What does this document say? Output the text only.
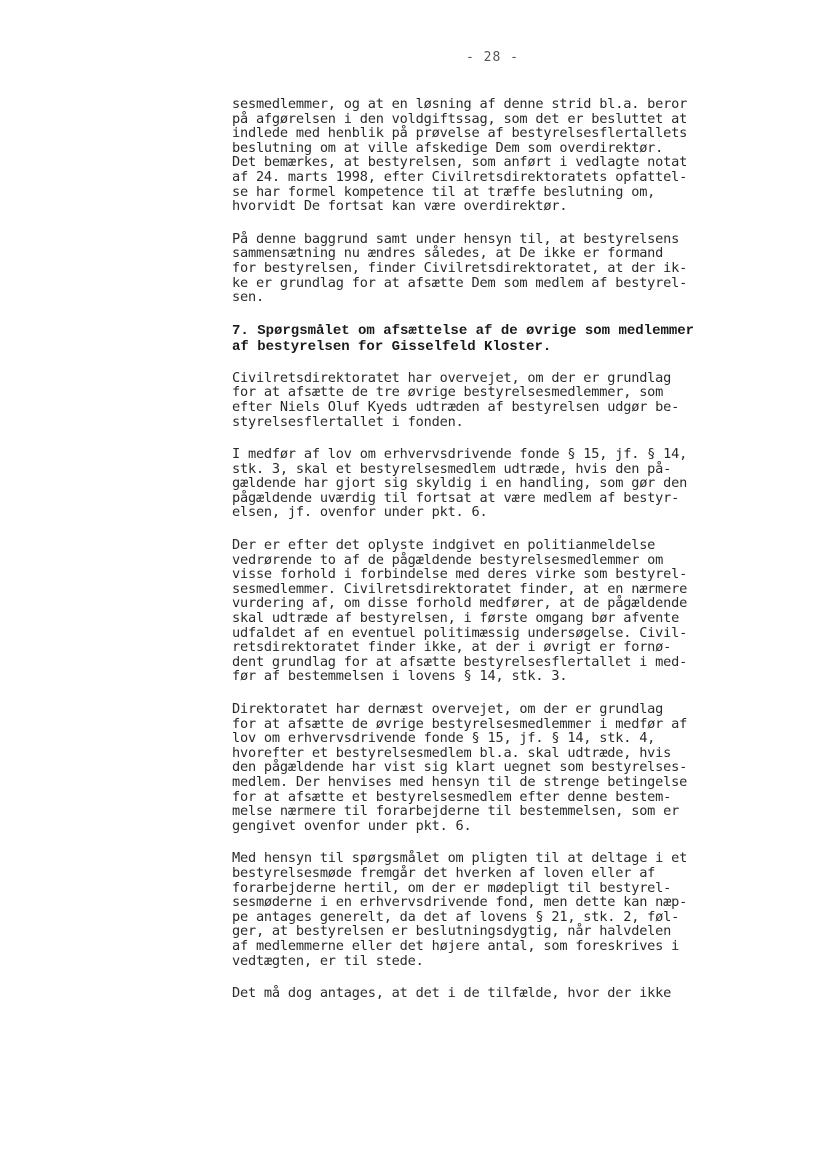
- 28 -
sesmedlemmer, og at en løsning af denne strid bl.a. beror
på afgørelsen i den voldgiftssag, som det er besluttet at
indlede med henblik på prøvelse af bestyrelsesflertallets
beslutning om at ville afskedige Dem som overdirektør.
Det bemærkes, at bestyrelsen, som anført i vedlagte notat
af 24. marts 1998, efter Civilretsdirektoratets opfattel-
se har formel kompetence til at træffe beslutning om,
hvorvidt De fortsat kan være overdirektør.
På denne baggrund samt under hensyn til, at bestyrelsens
sammensætning nu ændres således, at De ikke er formand
for bestyrelsen, finder Civilretsdirektoratet, at der ik-
ke er grundlag for at afsætte Dem som medlem af bestyrel-
sen.
7. Spørgsmålet om afsættelse af de øvrige som medlemmer
af bestyrelsen for Gisselfeld Kloster.
Civilretsdirektoratet har overvejet, om der er grundlag
for at afsætte de tre øvrige bestyrelsesmedlemmer, som
efter Niels Oluf Kyeds udtræden af bestyrelsen udgør be-
styrelsesflertallet i fonden.
I medfør af lov om erhvervsdrivende fonde § 15, jf. § 14,
stk. 3, skal et bestyrelsesmedlem udtræde, hvis den på-
gældende har gjort sig skyldig i en handling, som gør den
pågældende uværdig til fortsat at være medlem af bestyr-
elsen, jf. ovenfor under pkt. 6.
Der er efter det oplyste indgivet en politianmeldelse
vedrørende to af de pågældende bestyrelsesmedlemmer om
visse forhold i forbindelse med deres virke som bestyrel-
sesmedlemmer. Civilretsdirektoratet finder, at en nærmere
vurdering af, om disse forhold medfører, at de pågældende
skal udtræde af bestyrelsen, i første omgang bør afvente
udfaldet af en eventuel politimæssig undersøgelse. Civil-
retsdirektoratet finder ikke, at der i øvrigt er fornø-
dent grundlag for at afsætte bestyrelsesflertallet i med-
før af bestemmelsen i lovens § 14, stk. 3.
Direktoratet har dernæst overvejet, om der er grundlag
for at afsætte de øvrige bestyrelsesmedlemmer i medfør af
lov om erhvervsdrivende fonde § 15, jf. § 14, stk. 4,
hvorefter et bestyrelsesmedlem bl.a. skal udtræde, hvis
den pågældende har vist sig klart uegnet som bestyrelses-
medlem. Der henvises med hensyn til de strenge betingelse
for at afsætte et bestyrelsesmedlem efter denne bestem-
melse nærmere til forarbejderne til bestemmelsen, som er
gengivet ovenfor under pkt. 6.
Med hensyn til spørgsmålet om pligten til at deltage i et
bestyrelsesmøde fremgår det hverken af loven eller af
forarbejderne hertil, om der er mødepligt til bestyrel-
sesmøderne i en erhvervsdrivende fond, men dette kan næp-
pe antages generelt, da det af lovens § 21, stk. 2, føl-
ger, at bestyrelsen er beslutningsdygtig, når halvdelen
af medlemmerne eller det højere antal, som foreskrives i
vedtægten, er til stede.
Det må dog antages, at det i de tilfælde, hvor der ikke
